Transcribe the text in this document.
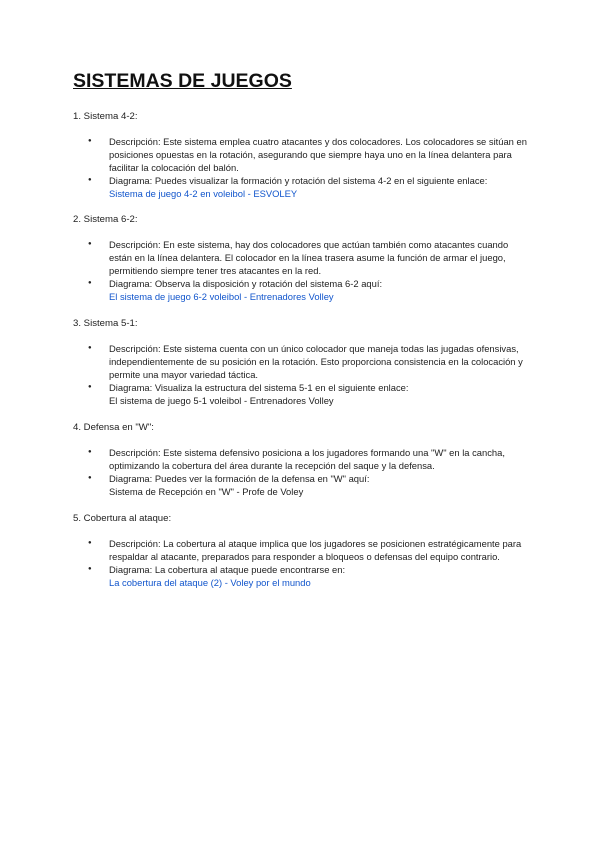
SISTEMAS DE JUEGOS
1. Sistema 4-2:
● Descripción: Este sistema emplea cuatro atacantes y dos colocadores. Los colocadores se sitúan en posiciones opuestas en la rotación, asegurando que siempre haya uno en la línea delantera para facilitar la colocación del balón.
● Diagrama: Puedes visualizar la formación y rotación del sistema 4-2 en el siguiente enlace:
Sistema de juego 4-2 en voleibol - ESVOLEY
2. Sistema 6-2:
● Descripción: En este sistema, hay dos colocadores que actúan también como atacantes cuando están en la línea delantera. El colocador en la línea trasera asume la función de armar el juego, permitiendo siempre tener tres atacantes en la red.
● Diagrama: Observa la disposición y rotación del sistema 6-2 aquí:
El sistema de juego 6-2 voleibol - Entrenadores Volley
3. Sistema 5-1:
● Descripción: Este sistema cuenta con un único colocador que maneja todas las jugadas ofensivas, independientemente de su posición en la rotación. Esto proporciona consistencia en la colocación y permite una mayor variedad táctica.
● Diagrama: Visualiza la estructura del sistema 5-1 en el siguiente enlace:
El sistema de juego 5-1 voleibol - Entrenadores Volley
4. Defensa en "W":
● Descripción: Este sistema defensivo posiciona a los jugadores formando una "W" en la cancha, optimizando la cobertura del área durante la recepción del saque y la defensa.
● Diagrama: Puedes ver la formación de la defensa en "W" aquí:
Sistema de Recepción en "W" - Profe de Voley
5. Cobertura al ataque:
● Descripción: La cobertura al ataque implica que los jugadores se posicionen estratégicamente para respaldar al atacante, preparados para responder a bloqueos o defensas del equipo contrario.
● Diagrama: La cobertura al ataque puede encontrarse en:
La cobertura del ataque (2) - Voley por el mundo
